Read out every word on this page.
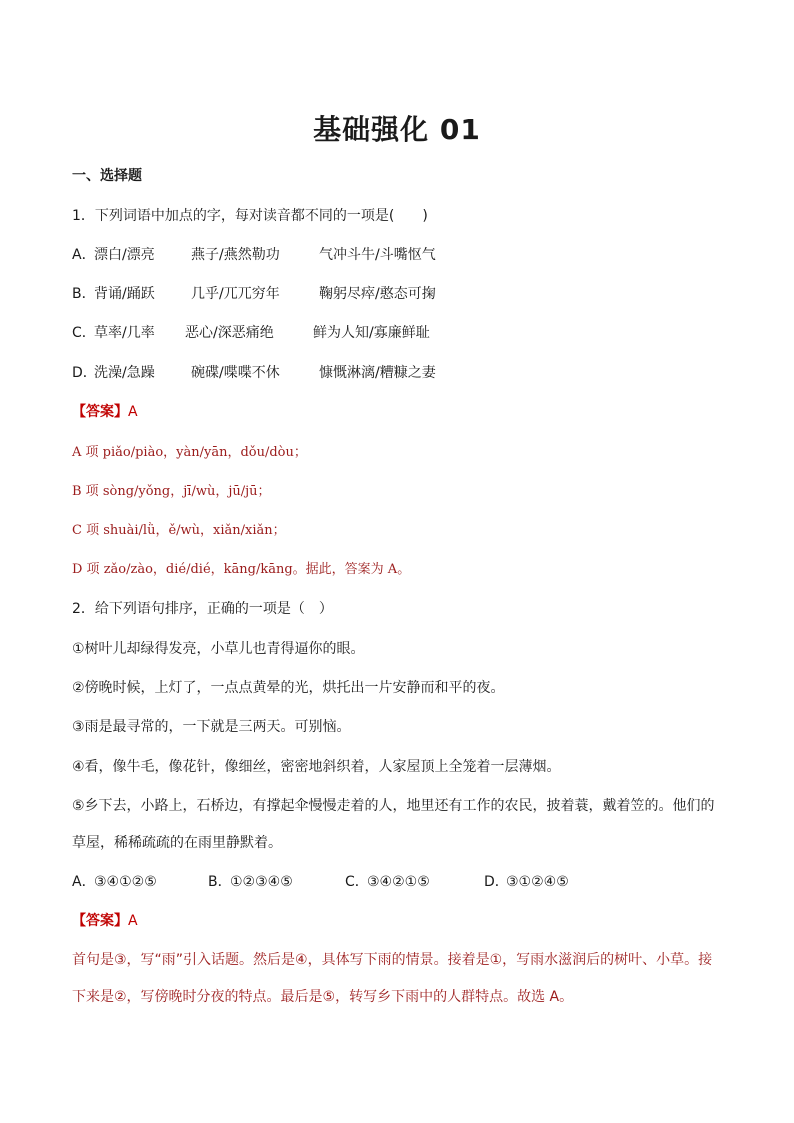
基础强化 01
一、选择题
1．下列词语中加点的字，每对读音都不同的一项是(　　)
A．漂白/漂亮	燕子/燕然勒功	气冲斗牛/斗嘴怄气
B．背诵/踊跃	几乎/兀兀穷年	鞠躬尽瘁/憨态可掬
C．草率/几率 恶心/深恶痛绝	鲜为人知/寡廉鲜耻
D．洗澡/急躁	碗碟/喋喋不休	慷慨淋漓/糟糠之妻
【答案】A
A 项 piǎo/piào，yàn/yān，dǒu/dòu；
B 项 sòng/yǒng，jī/wù，jū/jū；
C 项 shuài/lǜ，ě/wù，xiǎn/xiǎn；
D 项 zǎo/zào，dié/dié，kāng/kāng。据此，答案为 A。
2．给下列语句排序，正确的一项是（　）
①树叶儿却绿得发亮，小草儿也青得逼你的眼。
②傍晚时候，上灯了，一点点黄晕的光，烘托出一片安静而和平的夜。
③雨是最寻常的，一下就是三两天。可别恼。
④看，像牛毛，像花针，像细丝，密密地斜织着，人家屋顶上全笼着一层薄烟。
⑤乡下去，小路上，石桥边，有撑起伞慢慢走着的人，地里还有工作的农民，披着蓑，戴着笠的。他们的
草屋，稀稀疏疏的在雨里静默着。
A．③④①②⑤	B．①②③④⑤	C．③④②①⑤	D．③①②④⑤
【答案】A
首句是③，写“雨”引入话题。然后是④，具体写下雨的情景。接着是①，写雨水滋润后的树叶、小草。接
下来是②，写傍晚时分夜的特点。最后是⑤，转写乡下雨中的人群特点。故选 A。
